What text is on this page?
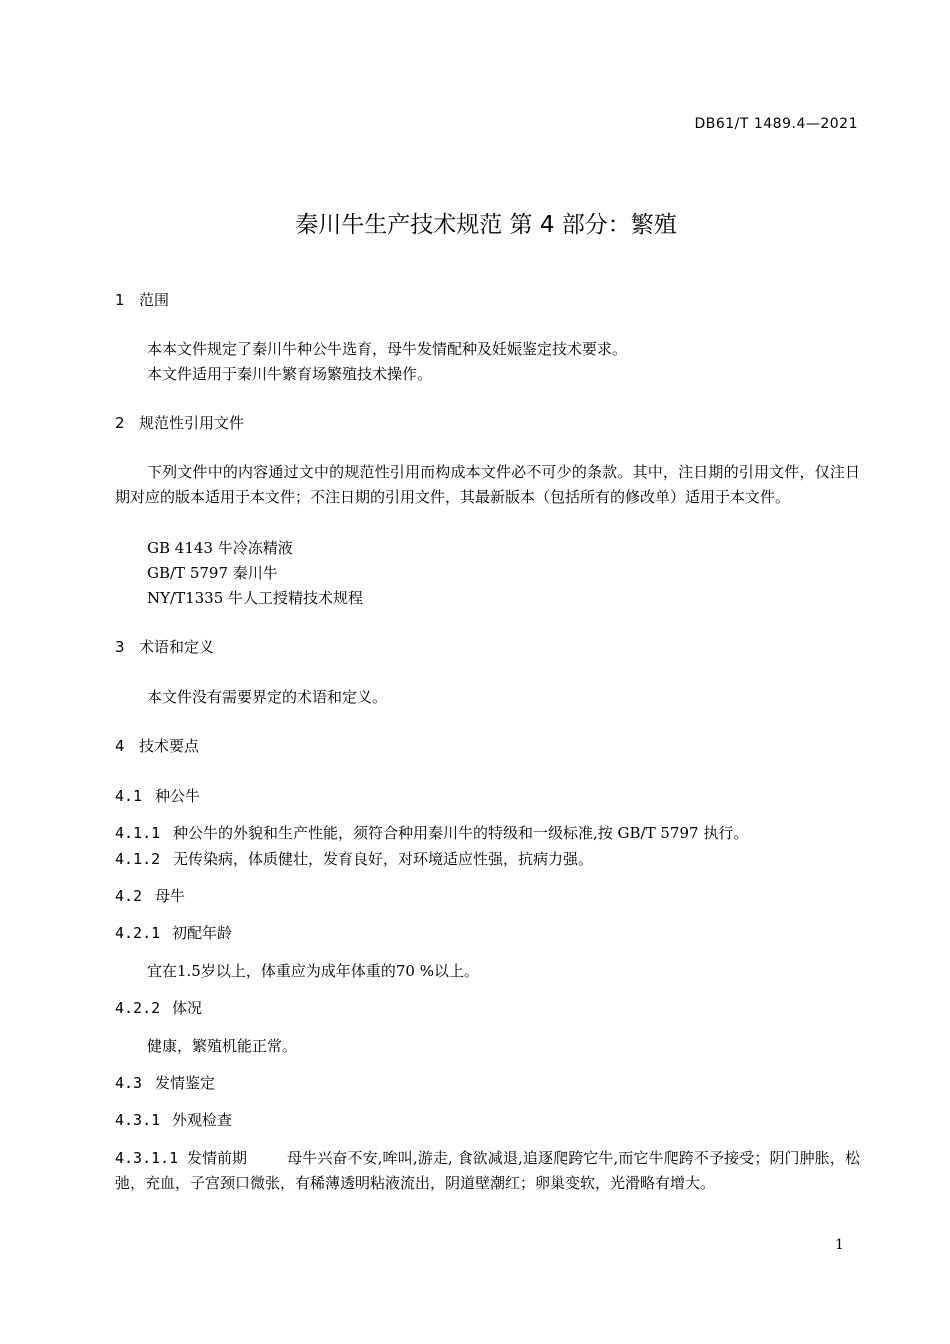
DB61/T 1489.4—2021
秦川牛生产技术规范 第 4 部分：繁殖
1 范围
本本文件规定了秦川牛种公牛选育，母牛发情配种及妊娠鉴定技术要求。
本文件适用于秦川牛繁育场繁殖技术操作。
2 规范性引用文件
下列文件中的内容通过文中的规范性引用而构成本文件必不可少的条款。其中，注日期的引用文件，仅注日期对应的版本适用于本文件；不注日期的引用文件，其最新版本（包括所有的修改单）适用于本文件。
GB 4143 牛冷冻精液
GB/T 5797 秦川牛
NY/T1335 牛人工授精技术规程
3 术语和定义
本文件没有需要界定的术语和定义。
4 技术要点
4.1 种公牛
4.1.1 种公牛的外貌和生产性能，须符合种用秦川牛的特级和一级标准,按 GB/T 5797 执行。
4.1.2 无传染病，体质健壮，发育良好，对环境适应性强，抗病力强。
4.2 母牛
4.2.1 初配年龄
宜在1.5岁以上，体重应为成年体重的70 %以上。
4.2.2 体况
健康，繁殖机能正常。
4.3 发情鉴定
4.3.1 外观检查
4.3.1.1 发情前期	母牛兴奋不安,哞叫,游走, 食欲减退,追逐爬跨它牛,而它牛爬跨不予接受；阴门肿胀，松弛，充血，子宫颈口微张，有稀薄透明粘液流出，阴道壁潮红；卵巢变软，光滑略有增大。
1
